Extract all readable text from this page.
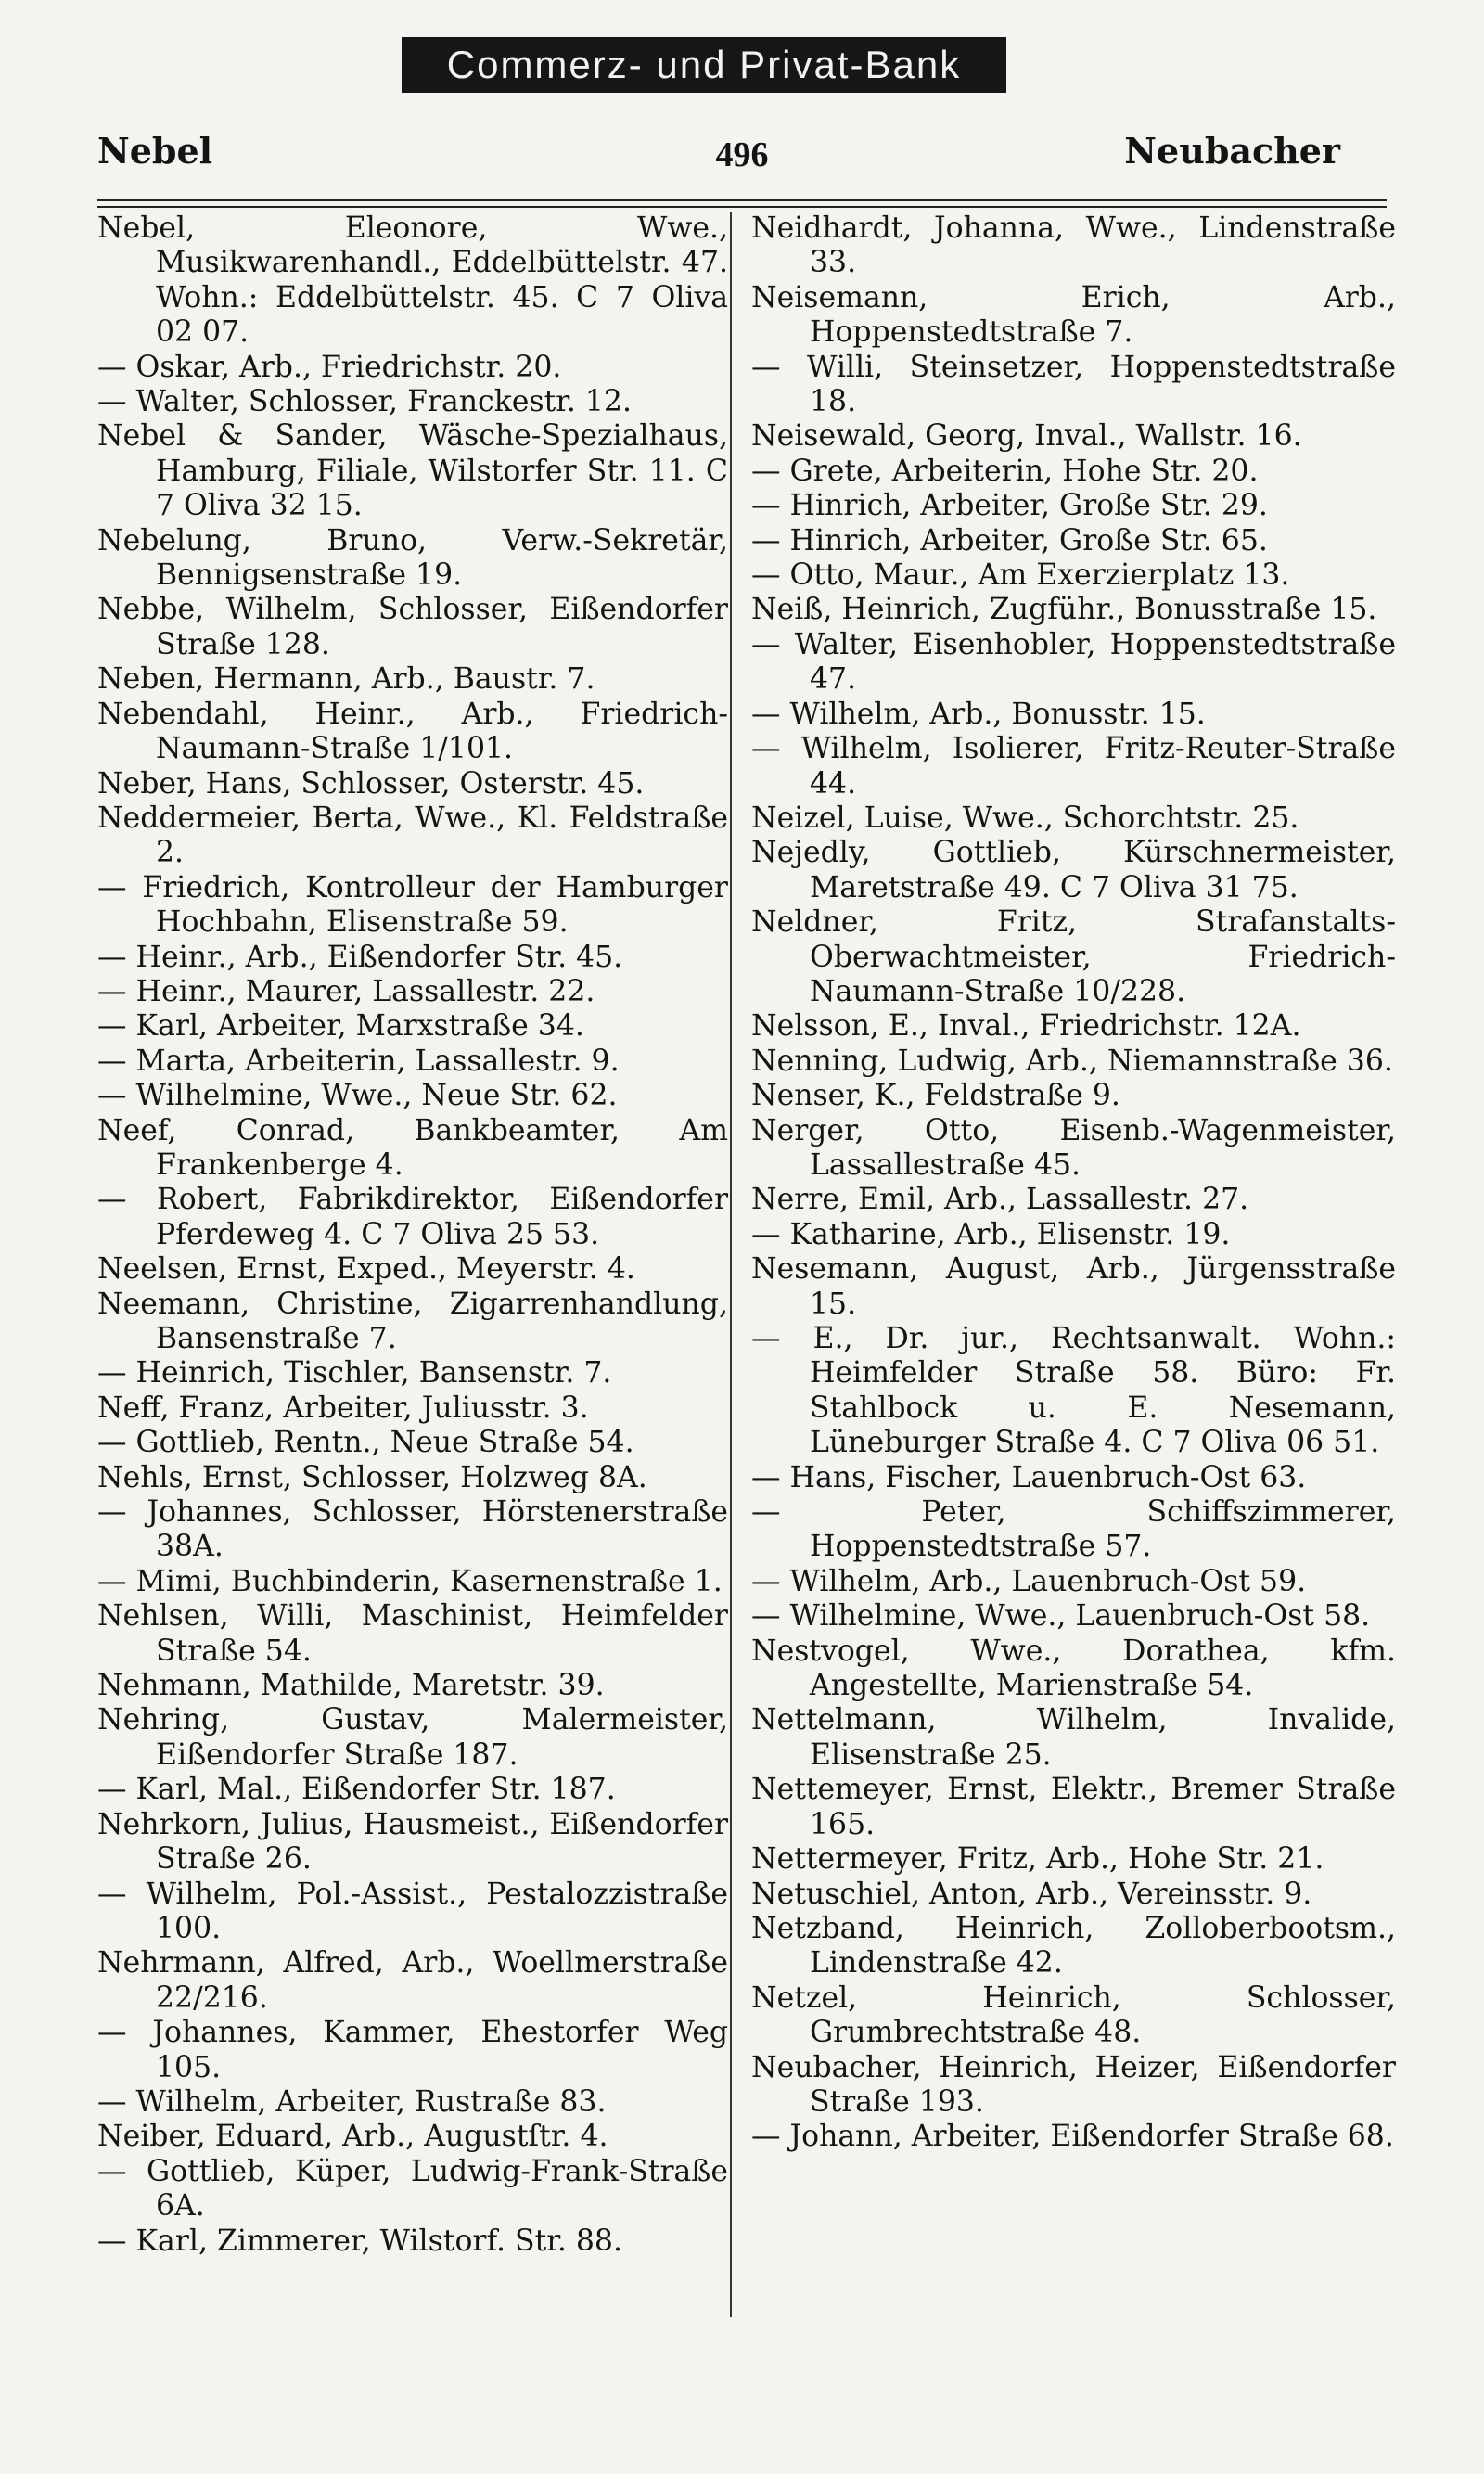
Commerz- und Privat-Bank
Nebel	496	Neubacher

Nebel, Eleonore, Wwe., Musikwarenhandl., Eddelbüttelstr. 47. Wohn.: Eddelbüttelstr. 45. C 7 Oliva 02 07.

— Oskar, Arb., Friedrichstr. 20.

— Walter, Schlosser, Franckestr. 12.

Nebel & Sander, Wäsche-Spezialhaus, Hamburg, Filiale, Wilstorfer Str. 11. C 7 Oliva 32 15.

Nebelung, Bruno, Verw.-Sekretär, Bennigsenstraße 19.

Nebbe, Wilhelm, Schlosser, Eißendorfer Straße 128.

Neben, Hermann, Arb., Baustr. 7.

Nebendahl, Heinr., Arb., Friedrich-Naumann-Straße 1/101.

Neber, Hans, Schlosser, Osterstr. 45.

Neddermeier, Berta, Wwe., Kl. Feldstraße 2.

— Friedrich, Kontrolleur der Hamburger Hochbahn, Elisenstraße 59.

— Heinr., Arb., Eißendorfer Str. 45.

— Heinr., Maurer, Lassallestr. 22.

— Karl, Arbeiter, Marxstraße 34.

— Marta, Arbeiterin, Lassallestr. 9.

— Wilhelmine, Wwe., Neue Str. 62.

Neef, Conrad, Bankbeamter, Am Frankenberge 4.

— Robert, Fabrikdirektor, Eißendorfer Pferdeweg 4. C 7 Oliva 25 53.

Neelsen, Ernst, Exped., Meyerstr. 4.

Neemann, Christine, Zigarrenhandlung, Bansenstraße 7.

— Heinrich, Tischler, Bansenstr. 7.

Neff, Franz, Arbeiter, Juliusstr. 3.

— Gottlieb, Rentn., Neue Straße 54.

Nehls, Ernst, Schlosser, Holzweg 8A.

— Johannes, Schlosser, Hörstenerstraße 38A.

— Mimi, Buchbinderin, Kasernenstraße 1.

Nehlsen, Willi, Maschinist, Heimfelder Straße 54.

Nehmann, Mathilde, Maretstr. 39.

Nehring, Gustav, Malermeister, Eißendorfer Straße 187.

— Karl, Mal., Eißendorfer Str. 187.

Nehrkorn, Julius, Hausmeist., Eißendorfer Straße 26.

— Wilhelm, Pol.-Assist., Pestalozzistraße 100.

Nehrmann, Alfred, Arb., Woellmerstraße 22/216.

— Johannes, Kammer, Ehestorfer Weg 105.

— Wilhelm, Arbeiter, Rustraße 83.

Neiber, Eduard, Arb., Augustſtr. 4.

— Gottlieb, Küper, Ludwig-Frank-Straße 6A.

— Karl, Zimmerer, Wilstorf. Str. 88.

Neidhardt, Johanna, Wwe., Lindenstraße 33.

Neisemann, Erich, Arb., Hoppenstedtstraße 7.

— Willi, Steinsetzer, Hoppenstedtstraße 18.

Neisewald, Georg, Inval., Wallstr. 16.

— Grete, Arbeiterin, Hohe Str. 20.

— Hinrich, Arbeiter, Große Str. 29.

— Hinrich, Arbeiter, Große Str. 65.

— Otto, Maur., Am Exerzierplatz 13.

Neiß, Heinrich, Zugführ., Bonusstraße 15.

— Walter, Eisenhobler, Hoppenstedtstraße 47.

— Wilhelm, Arb., Bonusstr. 15.

— Wilhelm, Isolierer, Fritz-Reuter-Straße 44.

Neizel, Luise, Wwe., Schorchtstr. 25.

Nejedly, Gottlieb, Kürschnermeister, Maretstraße 49. C 7 Oliva 31 75.

Neldner, Fritz, Strafanstalts-Oberwachtmeister, Friedrich-Naumann-Straße 10/228.

Nelsson, E., Inval., Friedrichstr. 12A.

Nenning, Ludwig, Arb., Niemannstraße 36.

Nenser, K., Feldstraße 9.

Nerger, Otto, Eisenb.-Wagenmeister, Lassallestraße 45.

Nerre, Emil, Arb., Lassallestr. 27.

— Katharine, Arb., Elisenstr. 19.

Nesemann, August, Arb., Jürgensstraße 15.

— E., Dr. jur., Rechtsanwalt. Wohn.: Heimfelder Straße 58. Büro: Fr. Stahlbock u. E. Nesemann, Lüneburger Straße 4. C 7 Oliva 06 51.

— Hans, Fischer, Lauenbruch-Ost 63.

— Peter, Schiffszimmerer, Hoppenstedtstraße 57.

— Wilhelm, Arb., Lauenbruch-Ost 59.

— Wilhelmine, Wwe., Lauenbruch-Ost 58.

Nestvogel, Wwe., Dorathea, kfm. Angestellte, Marienstraße 54.

Nettelmann, Wilhelm, Invalide, Elisenstraße 25.

Nettemeyer, Ernst, Elektr., Bremer Straße 165.

Nettermeyer, Fritz, Arb., Hohe Str. 21.

Netuschiel, Anton, Arb., Vereinsstr. 9.

Netzband, Heinrich, Zolloberbootsm., Lindenstraße 42.

Netzel, Heinrich, Schlosser, Grumbrechtstraße 48.

Neubacher, Heinrich, Heizer, Eißendorfer Straße 193.

— Johann, Arbeiter, Eißendorfer Straße 68.
